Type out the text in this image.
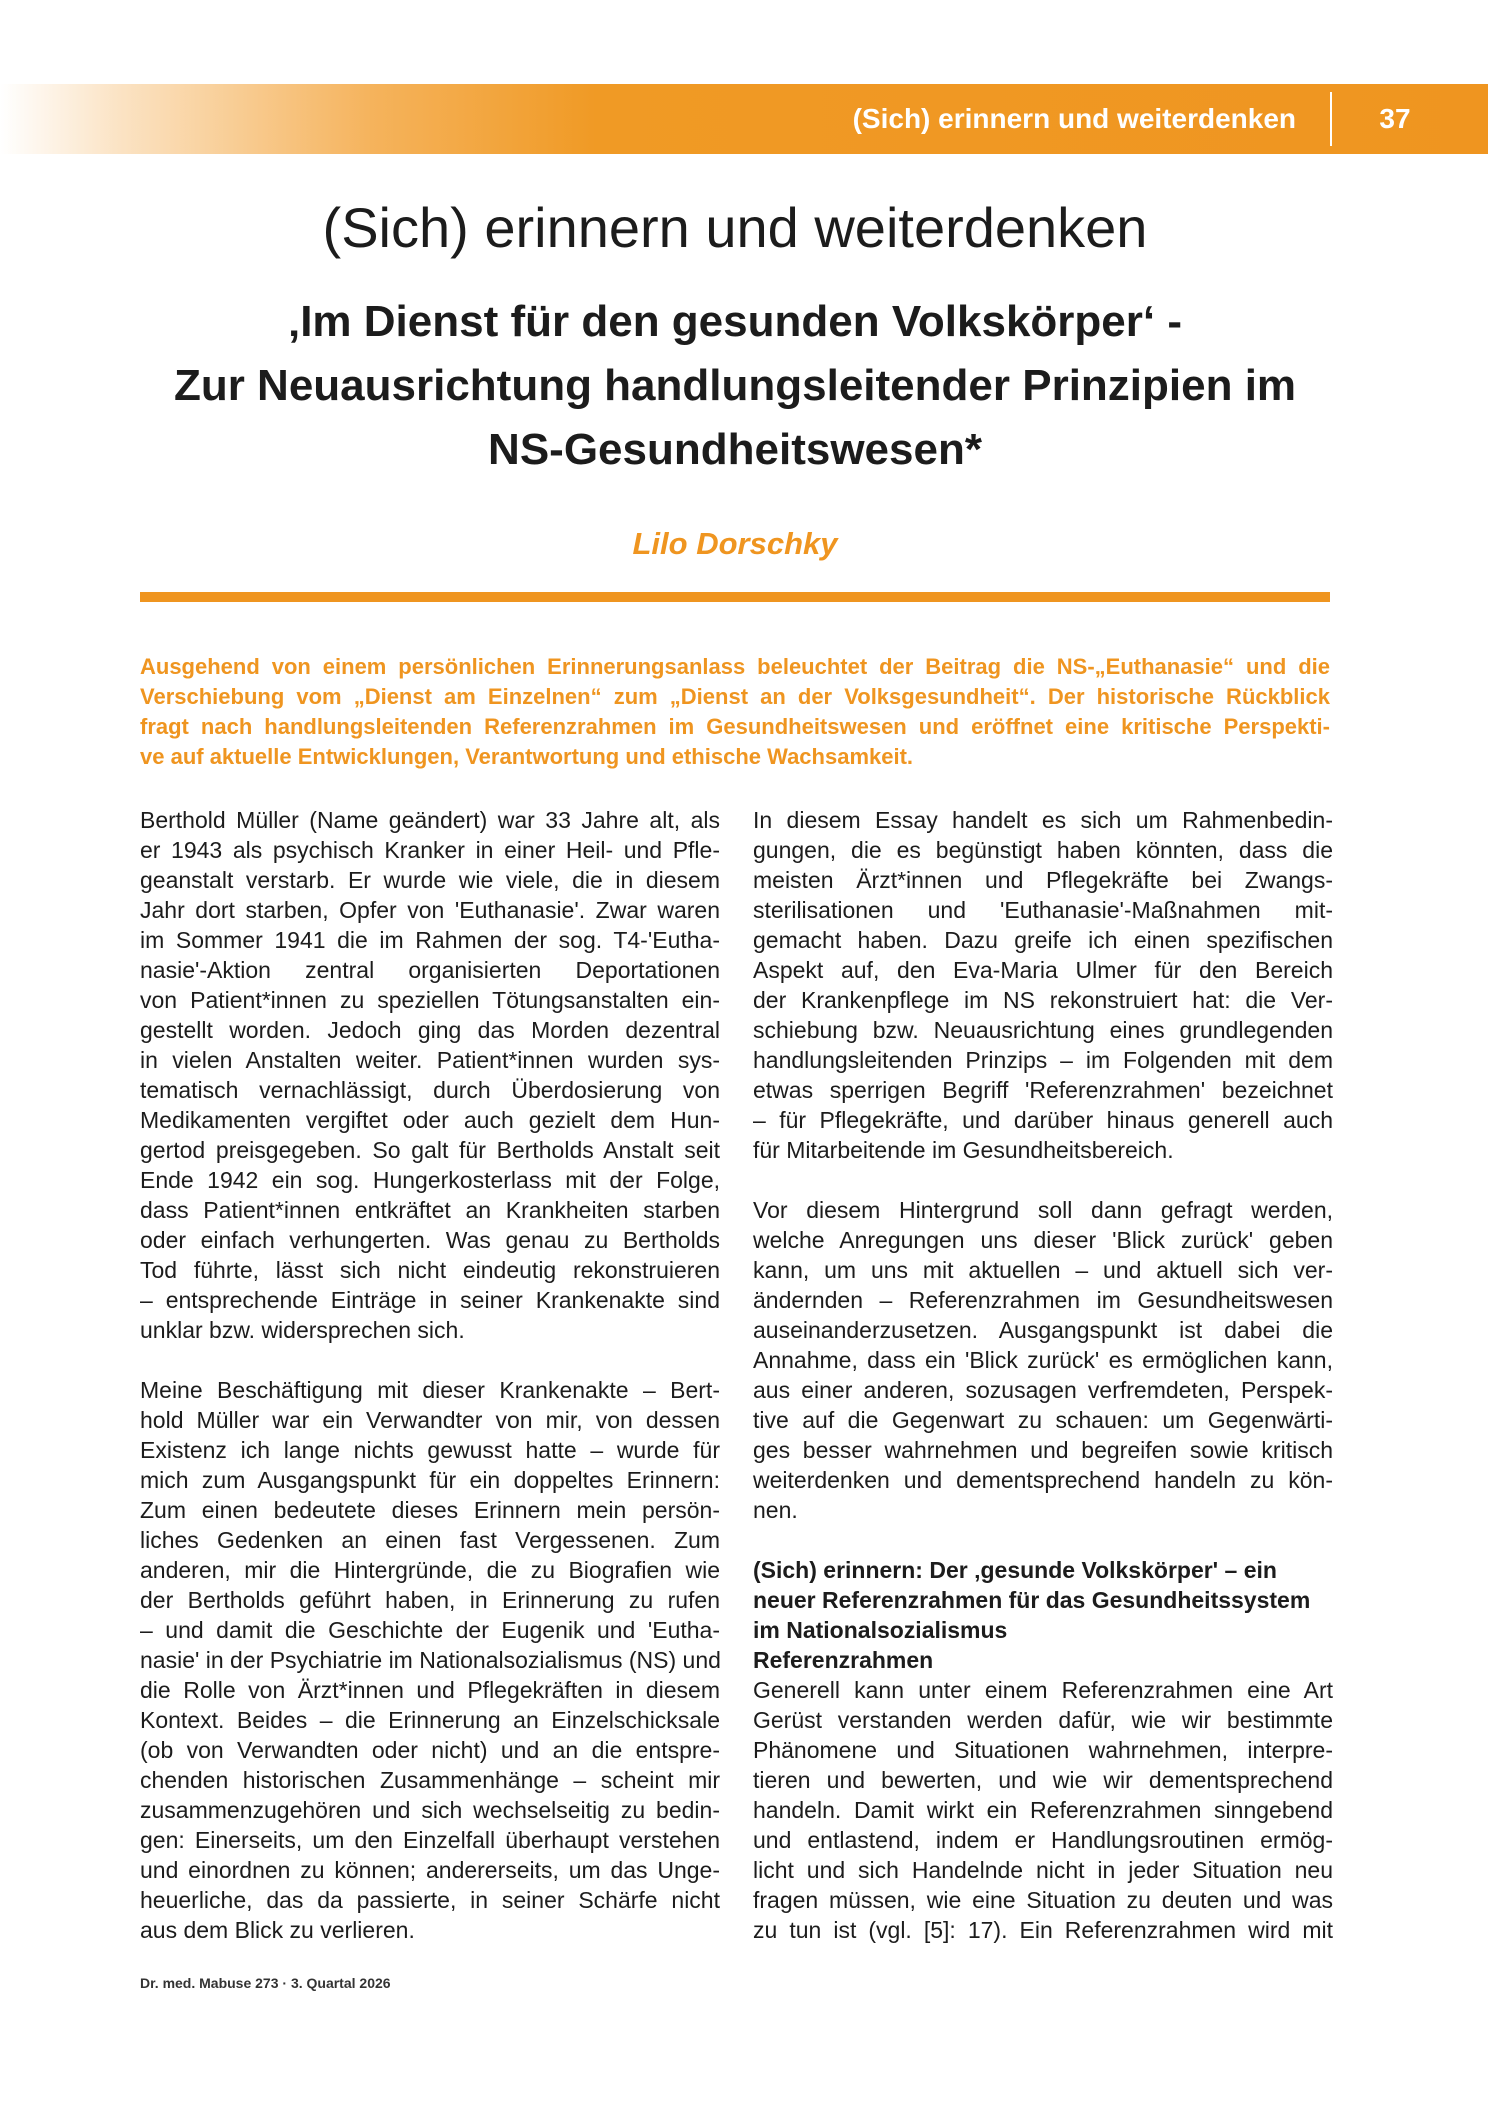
(Sich) erinnern und weiterdenken	37
(Sich) erinnern und weiterdenken
‚Im Dienst für den gesunden Volkskörper‘ -
Zur Neuausrichtung handlungsleitender Prinzipien im
NS-Gesundheitswesen*
Lilo Dorschky
Ausgehend von einem persönlichen Erinnerungsanlass beleuchtet der Beitrag die NS-„Euthanasie“ und die
Verschiebung vom „Dienst am Einzelnen“ zum „Dienst an der Volksgesundheit“. Der historische Rückblick
fragt nach handlungsleitenden Referenzrahmen im Gesundheitswesen und eröffnet eine kritische Perspekti-
ve auf aktuelle Entwicklungen, Verantwortung und ethische Wachsamkeit.
Berthold Müller (Name geändert) war 33 Jahre alt, als
er 1943 als psychisch Kranker in einer Heil- und Pfle-
geanstalt verstarb. Er wurde wie viele, die in diesem
Jahr dort starben, Opfer von 'Euthanasie'. Zwar waren
im Sommer 1941 die im Rahmen der sog. T4-'Eutha-
nasie'-Aktion zentral organisierten Deportationen
von Patient*innen zu speziellen Tötungsanstalten ein-
gestellt worden. Jedoch ging das Morden dezentral
in vielen Anstalten weiter. Patient*innen wurden sys-
tematisch vernachlässigt, durch Überdosierung von
Medikamenten vergiftet oder auch gezielt dem Hun-
gertod preisgegeben. So galt für Bertholds Anstalt seit
Ende 1942 ein sog. Hungerkosterlass mit der Folge,
dass Patient*innen entkräftet an Krankheiten starben
oder einfach verhungerten. Was genau zu Bertholds
Tod führte, lässt sich nicht eindeutig rekonstruieren
– entsprechende Einträge in seiner Krankenakte sind
unklar bzw. widersprechen sich.
Meine Beschäftigung mit dieser Krankenakte – Bert-
hold Müller war ein Verwandter von mir, von dessen
Existenz ich lange nichts gewusst hatte – wurde für
mich zum Ausgangspunkt für ein doppeltes Erinnern:
Zum einen bedeutete dieses Erinnern mein persön-
liches Gedenken an einen fast Vergessenen. Zum
anderen, mir die Hintergründe, die zu Biografien wie
der Bertholds geführt haben, in Erinnerung zu rufen
– und damit die Geschichte der Eugenik und 'Eutha-
nasie' in der Psychiatrie im Nationalsozialismus (NS) und
die Rolle von Ärzt*innen und Pflegekräften in diesem
Kontext. Beides – die Erinnerung an Einzelschicksale
(ob von Verwandten oder nicht) und an die entspre-
chenden historischen Zusammenhänge – scheint mir
zusammenzugehören und sich wechselseitig zu bedin-
gen: Einerseits, um den Einzelfall überhaupt verstehen
und einordnen zu können; andererseits, um das Unge-
heuerliche, das da passierte, in seiner Schärfe nicht
aus dem Blick zu verlieren.
In diesem Essay handelt es sich um Rahmenbedin-
gungen, die es begünstigt haben könnten, dass die
meisten Ärzt*innen und Pflegekräfte bei Zwangs-
sterilisationen und 'Euthanasie'-Maßnahmen mit-
gemacht haben. Dazu greife ich einen spezifischen
Aspekt auf, den Eva-Maria Ulmer für den Bereich
der Krankenpflege im NS rekonstruiert hat: die Ver-
schiebung bzw. Neuausrichtung eines grundlegenden
handlungsleitenden Prinzips – im Folgenden mit dem
etwas sperrigen Begriff 'Referenzrahmen' bezeichnet
– für Pflegekräfte, und darüber hinaus generell auch
für Mitarbeitende im Gesundheitsbereich.
Vor diesem Hintergrund soll dann gefragt werden,
welche Anregungen uns dieser 'Blick zurück' geben
kann, um uns mit aktuellen – und aktuell sich ver-
ändernden – Referenzrahmen im Gesundheitswesen
auseinanderzusetzen. Ausgangspunkt ist dabei die
Annahme, dass ein 'Blick zurück' es ermöglichen kann,
aus einer anderen, sozusagen verfremdeten, Perspek-
tive auf die Gegenwart zu schauen: um Gegenwärti-
ges besser wahrnehmen und begreifen sowie kritisch
weiterdenken und dementsprechend handeln zu kön-
nen.
(Sich) erinnern: Der ‚gesunde Volkskörper' – ein
neuer Referenzrahmen für das Gesundheitssystem
im Nationalsozialismus
Referenzrahmen
Generell kann unter einem Referenzrahmen eine Art
Gerüst verstanden werden dafür, wie wir bestimmte
Phänomene und Situationen wahrnehmen, interpre-
tieren und bewerten, und wie wir dementsprechend
handeln. Damit wirkt ein Referenzrahmen sinngebend
und entlastend, indem er Handlungsroutinen ermög-
licht und sich Handelnde nicht in jeder Situation neu
fragen müssen, wie eine Situation zu deuten und was
zu tun ist (vgl. [5]: 17). Ein Referenzrahmen wird mit
Dr. med. Mabuse 273 · 3. Quartal 2026
